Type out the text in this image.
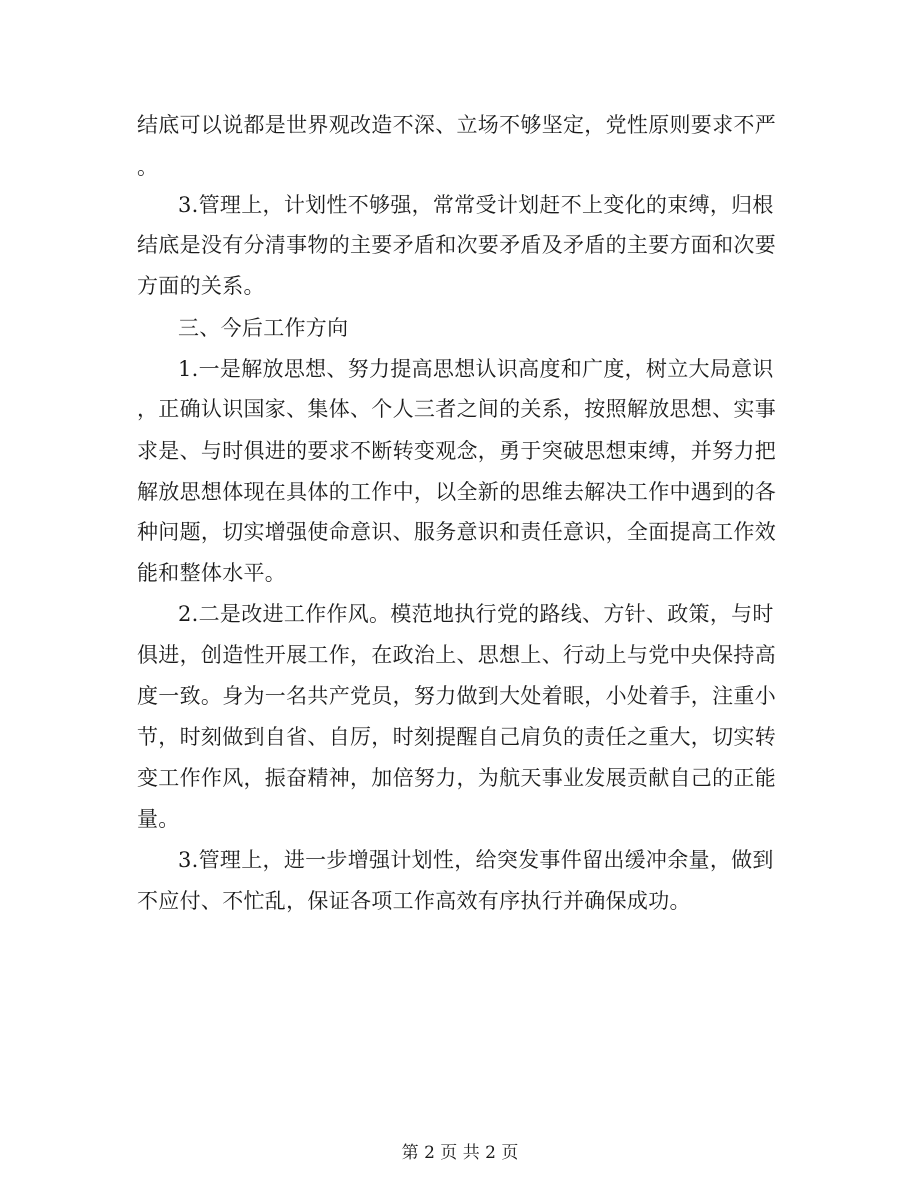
结底可以说都是世界观改造不深、立场不够坚定，党性原则要求不严
。
3.管理上，计划性不够强，常常受计划赶不上变化的束缚，归根
结底是没有分清事物的主要矛盾和次要矛盾及矛盾的主要方面和次要
方面的关系。
三、今后工作方向
1.一是解放思想、努力提高思想认识高度和广度，树立大局意识
，正确认识国家、集体、个人三者之间的关系，按照解放思想、实事
求是、与时俱进的要求不断转变观念，勇于突破思想束缚，并努力把
解放思想体现在具体的工作中，以全新的思维去解决工作中遇到的各
种问题，切实增强使命意识、服务意识和责任意识，全面提高工作效
能和整体水平。
2.二是改进工作作风。模范地执行党的路线、方针、政策，与时
俱进，创造性开展工作，在政治上、思想上、行动上与党中央保持高
度一致。身为一名共产党员，努力做到大处着眼，小处着手，注重小
节，时刻做到自省、自厉，时刻提醒自己肩负的责任之重大，切实转
变工作作风，振奋精神，加倍努力，为航天事业发展贡献自己的正能
量。
3.管理上，进一步增强计划性，给突发事件留出缓冲余量，做到
不应付、不忙乱，保证各项工作高效有序执行并确保成功。
第 2 页 共 2 页
